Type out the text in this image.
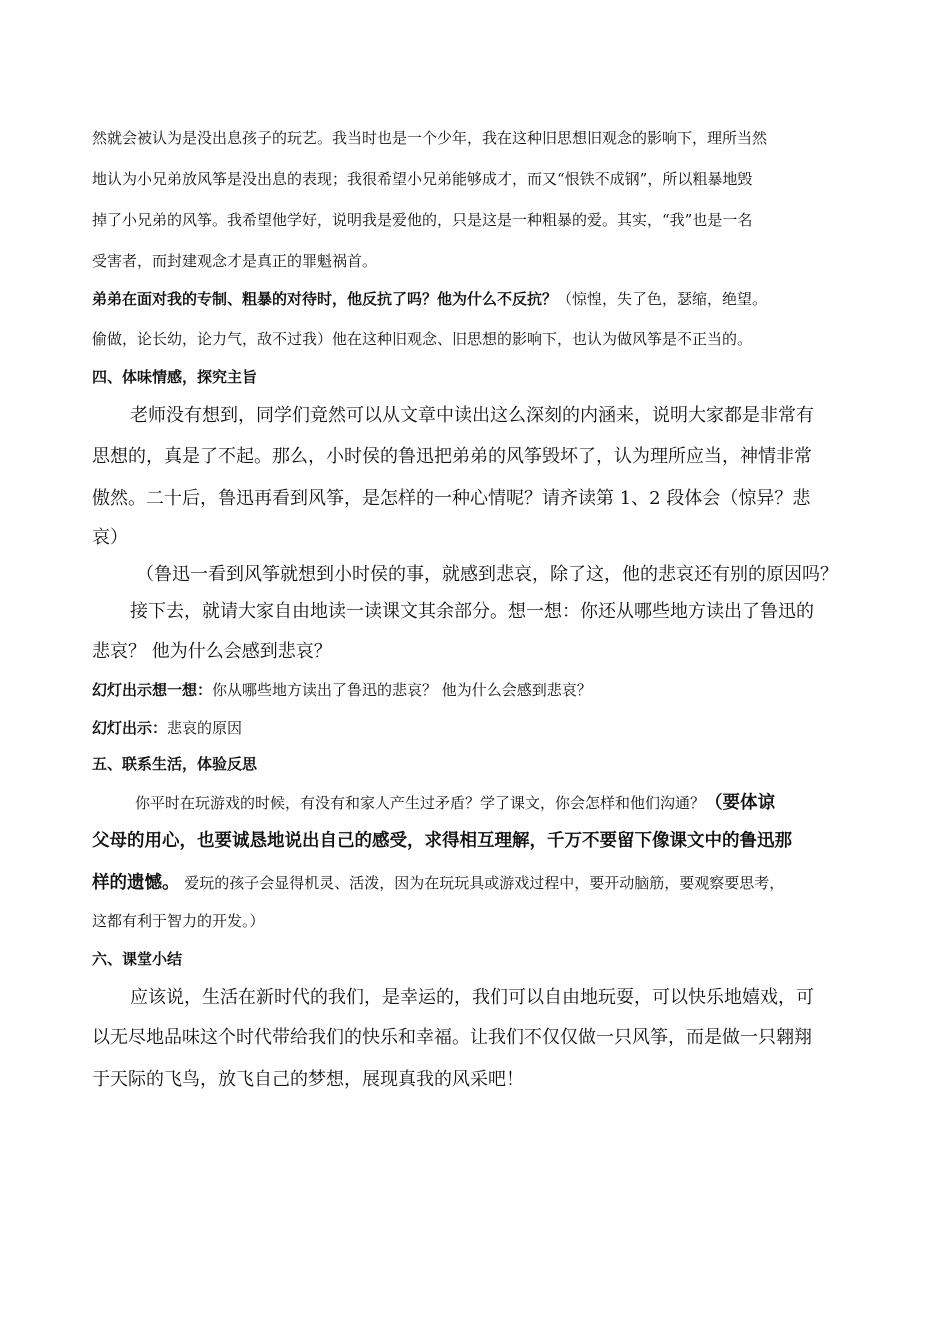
然就会被认为是没出息孩子的玩艺。我当时也是一个少年，我在这种旧思想旧观念的影响下，理所当然
地认为小兄弟放风筝是没出息的表现；我很希望小兄弟能够成才，而又“恨铁不成钢”，所以粗暴地毁
掉了小兄弟的风筝。我希望他学好，说明我是爱他的，只是这是一种粗暴的爱。其实，“我”也是一名
受害者，而封建观念才是真正的罪魁祸首。
弟弟在面对我的专制、粗暴的对待时，他反抗了吗？他为什么不反抗？（惊惶，失了色，瑟缩，绝望。
偷做，论长幼，论力气，敌不过我）他在这种旧观念、旧思想的影响下，也认为做风筝是不正当的。
四、体味情感，探究主旨
老师没有想到，同学们竟然可以从文章中读出这么深刻的内涵来，说明大家都是非常有
思想的，真是了不起。那么，小时侯的鲁迅把弟弟的风筝毁坏了，认为理所应当，神情非常
傲然。二十后，鲁迅再看到风筝，是怎样的一种心情呢？请齐读第 1、2 段体会（惊异？悲
哀）
（鲁迅一看到风筝就想到小时侯的事，就感到悲哀，除了这，他的悲哀还有别的原因吗？
接下去，就请大家自由地读一读课文其余部分。想一想：你还从哪些地方读出了鲁迅的
悲哀？ 他为什么会感到悲哀？
幻灯出示想一想：你从哪些地方读出了鲁迅的悲哀？ 他为什么会感到悲哀？
幻灯出示：悲哀的原因
五、联系生活，体验反思
你平时在玩游戏的时候，有没有和家人产生过矛盾？学了课文，你会怎样和他们沟通？（要体谅
父母的用心，也要诚恳地说出自己的感受，求得相互理解，千万不要留下像课文中的鲁迅那
样的遗憾。 爱玩的孩子会显得机灵、活泼，因为在玩玩具或游戏过程中，要开动脑筋，要观察要思考，
这都有利于智力的开发。）
六、课堂小结
应该说，生活在新时代的我们，是幸运的，我们可以自由地玩耍，可以快乐地嬉戏，可
以无尽地品味这个时代带给我们的快乐和幸福。让我们不仅仅做一只风筝，而是做一只翱翔
于天际的飞鸟，放飞自己的梦想，展现真我的风采吧！
